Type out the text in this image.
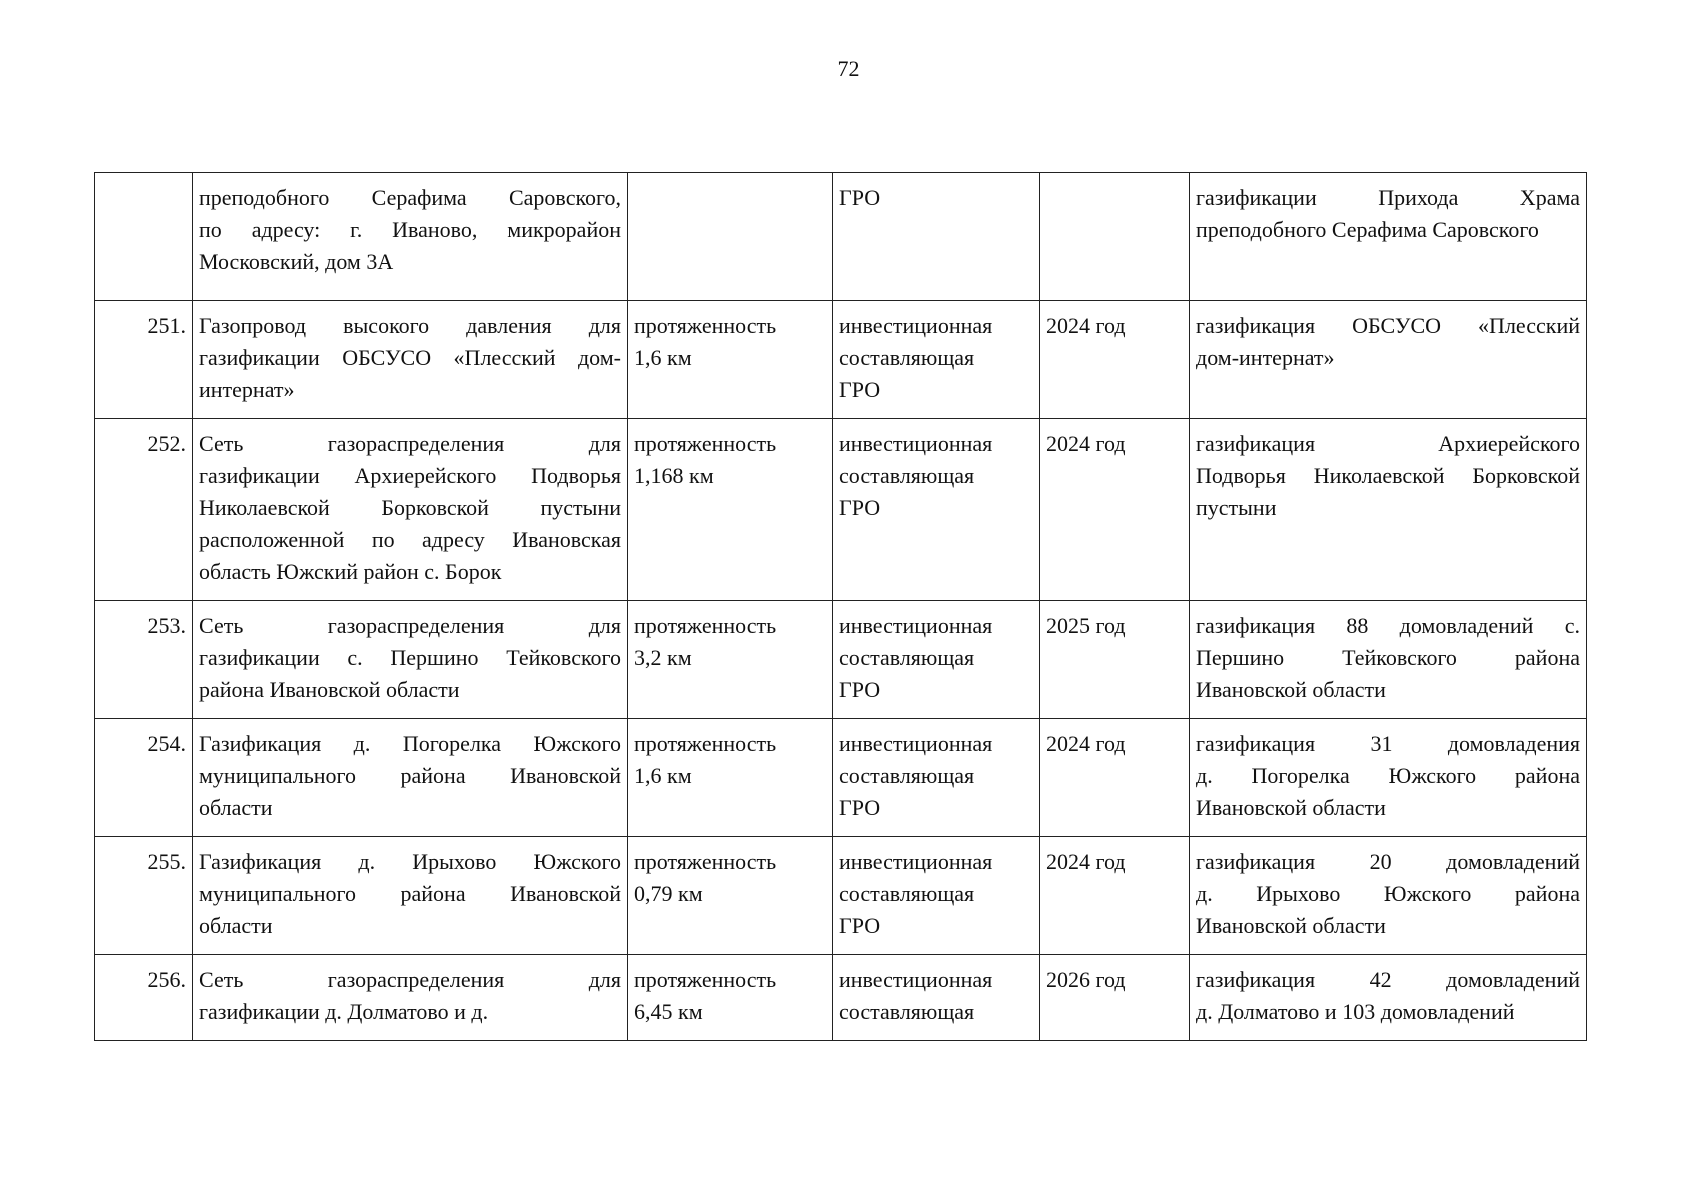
72

	преподобного Серафима Саровского,
по адресу: г. Иваново, микрорайон
Московский, дом 3А		ГРО		газификации Прихода Храма
преподобного Серафима Саровского

251.	Газопровод высокого давления для
газификации ОБСУСО «Плесский дом-
интернат»	протяженность
1,6 км	инвестиционная
составляющая
ГРО	2024 год	газификация ОБСУСО «Плесский
дом-интернат»

252.	Сеть газораспределения для
газификации Архиерейского Подворья
Николаевской Борковской пустыни
расположенной по адресу Ивановская
область Южский район с. Борок	протяженность
1,168 км	инвестиционная
составляющая
ГРО	2024 год	газификация Архиерейского
Подворья Николаевской Борковской
пустыни

253.	Сеть газораспределения для
газификации с. Першино Тейковского
района Ивановской области	протяженность
3,2 км	инвестиционная
составляющая
ГРО	2025 год	газификация 88 домовладений с.
Першино Тейковского района
Ивановской области

254.	Газификация д. Погорелка Южского
муниципального района Ивановской
области	протяженность
1,6 км	инвестиционная
составляющая
ГРО	2024 год	газификация 31 домовладения
д. Погорелка Южского района
Ивановской области

255.	Газификация д. Ирыхово Южского
муниципального района Ивановской
области	протяженность
0,79 км	инвестиционная
составляющая
ГРО	2024 год	газификация 20 домовладений
д. Ирыхово Южского района
Ивановской области

256.	Сеть газораспределения для
газификации д. Долматово и д.	протяженность
6,45 км	инвестиционная
составляющая	2026 год	газификация 42 домовладений
д. Долматово и 103 домовладений
